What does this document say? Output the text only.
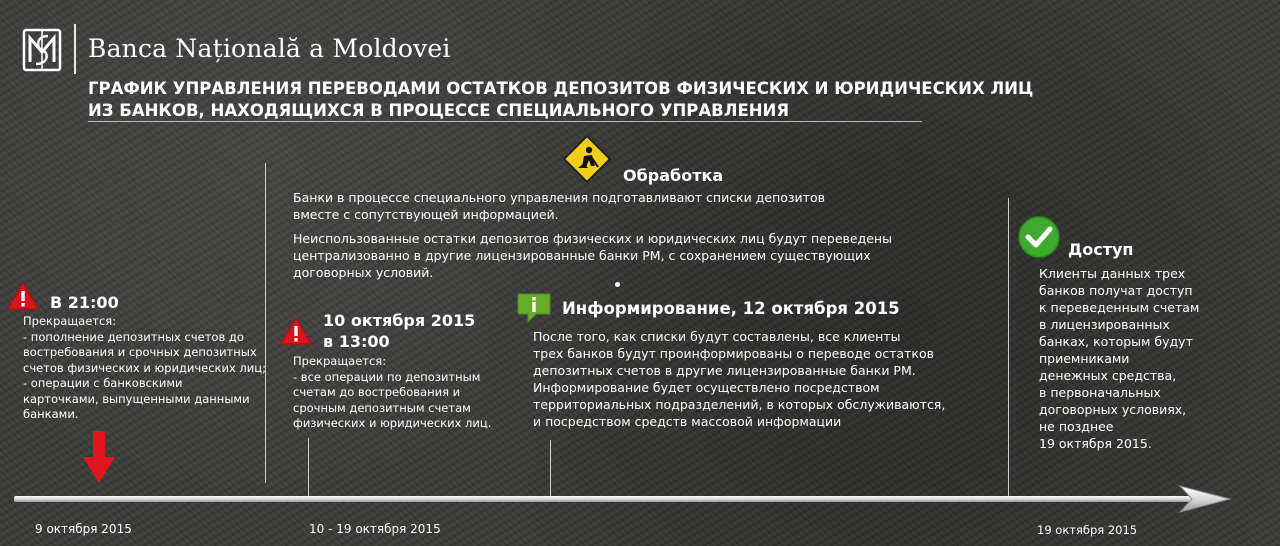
Banca Națională a Moldovei
ГРАФИК УПРАВЛЕНИЯ ПЕРЕВОДАМИ ОСТАТКОВ ДЕПОЗИТОВ ФИЗИЧЕСКИХ И ЮРИДИЧЕСКИХ ЛИЦ
ИЗ БАНКОВ, НАХОДЯЩИХСЯ В ПРОЦЕССЕ СПЕЦИАЛЬНОГО УПРАВЛЕНИЯ
В 21:00
Прекращается:
- пополнение депозитных счетов до
востребования и срочных депозитных
счетов физических и юридических лиц;
- операции с банковскими
карточками, выпущенными данными
банками.
10 октября 2015
в 13:00
Прекращается:
- все операции по депозитным
счетам до востребования и
срочным депозитным счетам
физических и юридических лиц.
Обработка
Банки в процессе специального управления подготавливают списки депозитов
вместе с сопутствующей информацией.
Неиспользованные остатки депозитов физических и юридических лиц будут переведены
централизованно в другие лицензированные банки РМ, с сохранением существующих
договорных условий.
Информирование, 12 октября 2015
После того, как списки будут составлены, все клиенты
трех банков будут проинформированы о переводе остатков
депозитных счетов в другие лицензированные банки РМ.
Информирование будет осуществлено посредством
территориальных подразделений, в которых обслуживаются,
и посредством средств массовой информации
Доступ
Клиенты данных трех
банков получат доступ
к переведенным счетам
в лицензированных
банках, которым будут
приемниками
денежных средства,
в первоначальных
договорных условиях,
не позднее
19 октября 2015.
9 октября 2015	10 - 19 октября 2015	19 октября 2015
